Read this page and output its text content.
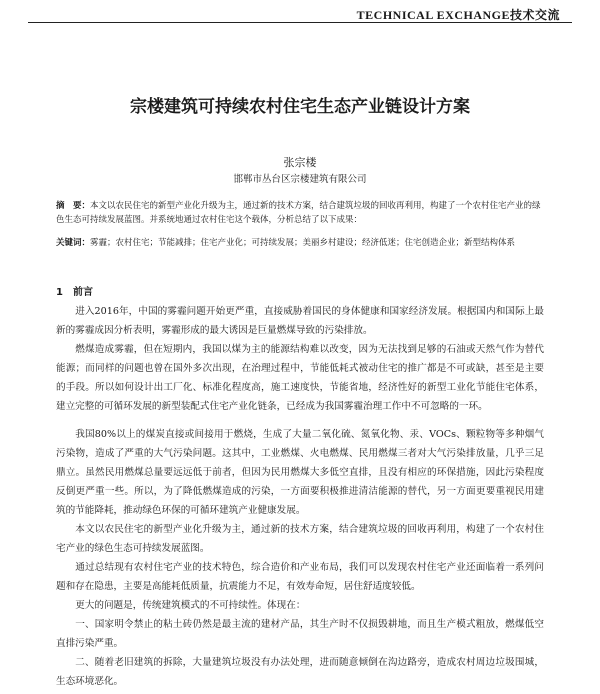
TECHNICAL EXCHANGE技术交流
宗楼建筑可持续农村住宅生态产业链设计方案
张宗楼
邯郸市丛台区宗楼建筑有限公司
摘　要：本文以农民住宅的新型产业化升级为主，通过新的技术方案，结合建筑垃圾的回收再利用，构建了一个农村住宅产业的绿色生态可持续发展蓝图。并系统地通过农村住宅这个载体，分析总结了以下成果：
关键词：雾霾；农村住宅；节能减排；住宅产业化；可持续发展；美丽乡村建设；经济低迷；住宅创造企业；新型结构体系
1 前言

进入2016年，中国的雾霾问题开始更严重，直接威胁着国民的身体健康和国家经济发展。根据国内和国际上最新的雾霾成因分析表明，雾霾形成的最大诱因是巨量燃煤导致的污染排放。

燃煤造成雾霾，但在短期内，我国以煤为主的能源结构难以改变，因为无法找到足够的石油或天然气作为替代能源；而同样的问题也曾在国外多次出现，在治理过程中，节能低耗式被动住宅的推广都是不可或缺，甚至是主要的手段。所以如何设计出工厂化、标准化程度高，施工速度快，节能省地，经济性好的新型工业化节能住宅体系，建立完整的可循环发展的新型装配式住宅产业化链条，已经成为我国雾霾治理工作中不可忽略的一环。

我国80%以上的煤炭直接或间接用于燃烧，生成了大量二氧化硫、氮氧化物、汞、VOCs、颗粒物等多种烟气污染物，造成了严重的大气污染问题。这其中，工业燃煤、火电燃煤、民用燃煤三者对大气污染排放量，几乎三足鼎立。虽然民用燃煤总量要远远低于前者，但因为民用燃煤大多低空直排，且没有相应的环保措施，因此污染程度反倒更严重一些。所以，为了降低燃煤造成的污染，一方面要积极推进清洁能源的替代，另一方面更要重视民用建筑的节能降耗，推动绿色环保的可循环建筑产业健康发展。

本文以农民住宅的新型产业化升级为主，通过新的技术方案，结合建筑垃圾的回收再利用，构建了一个农村住宅产业的绿色生态可持续发展蓝图。

通过总结现有农村住宅产业的技术特色，综合造价和产业布局，我们可以发现农村住宅产业还面临着一系列问题和存在隐患，主要是高能耗低质量，抗震能力不足，有效寿命短，居住舒适度较低。

更大的问题是，传统建筑模式的不可持续性。体现在：

一、国家明令禁止的粘土砖仍然是最主流的建材产品，其生产时不仅损毁耕地，而且生产模式粗放，燃煤低空直排污染严重。

二、随着老旧建筑的拆除，大量建筑垃圾没有办法处理，进而随意倾倒在沟边路旁，造成农村周边垃圾围城，生态环境恶化。
